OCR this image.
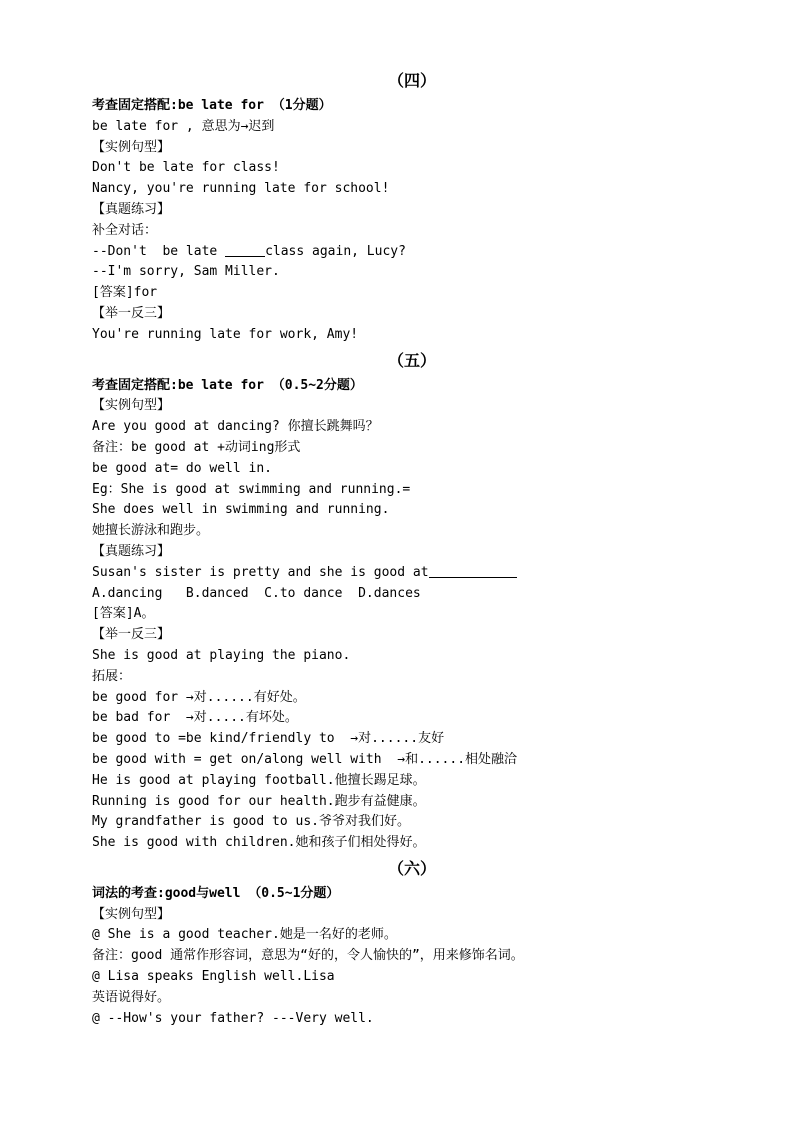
（四）
考查固定搭配:be late for （1分题）
be late for , 意思为→迟到
【实例句型】
Don't be late for class!
Nancy, you're running late for school!
【真题练习】
补全对话：
--Don't  be late	class again, Lucy?
--I'm sorry, Sam Miller.
[答案]for
【举一反三】
You're running late for work, Amy!
（五）
考查固定搭配:be late for （0.5~2分题）
【实例句型】
Are you good at dancing? 你擅长跳舞吗？
备注：be good at +动词ing形式
be good at= do well in.
Eg：She is good at swimming and running.=
She does well in swimming and running.
她擅长游泳和跑步。
【真题练习】
Susan's sister is pretty and she is good at
A.dancing   B.danced  C.to dance  D.dances
[答案]A。
【举一反三】
She is good at playing the piano.
拓展：
be good for →对......有好处。
be bad for  →对.....有坏处。
be good to =be kind/friendly to  →对......友好
be good with = get on/along well with  →和......相处融洽
He is good at playing football.他擅长踢足球。
Running is good for our health.跑步有益健康。
My grandfather is good to us.爷爷对我们好。
She is good with children.她和孩子们相处得好。
（六）
词法的考查:good与well （0.5~1分题）
【实例句型】
@ She is a good teacher.她是一名好的老师。
备注：good 通常作形容词，意思为“好的，令人愉快的”，用来修饰名词。
@ Lisa speaks English well.Lisa
英语说得好。
@ --How's your father? ---Very well.
